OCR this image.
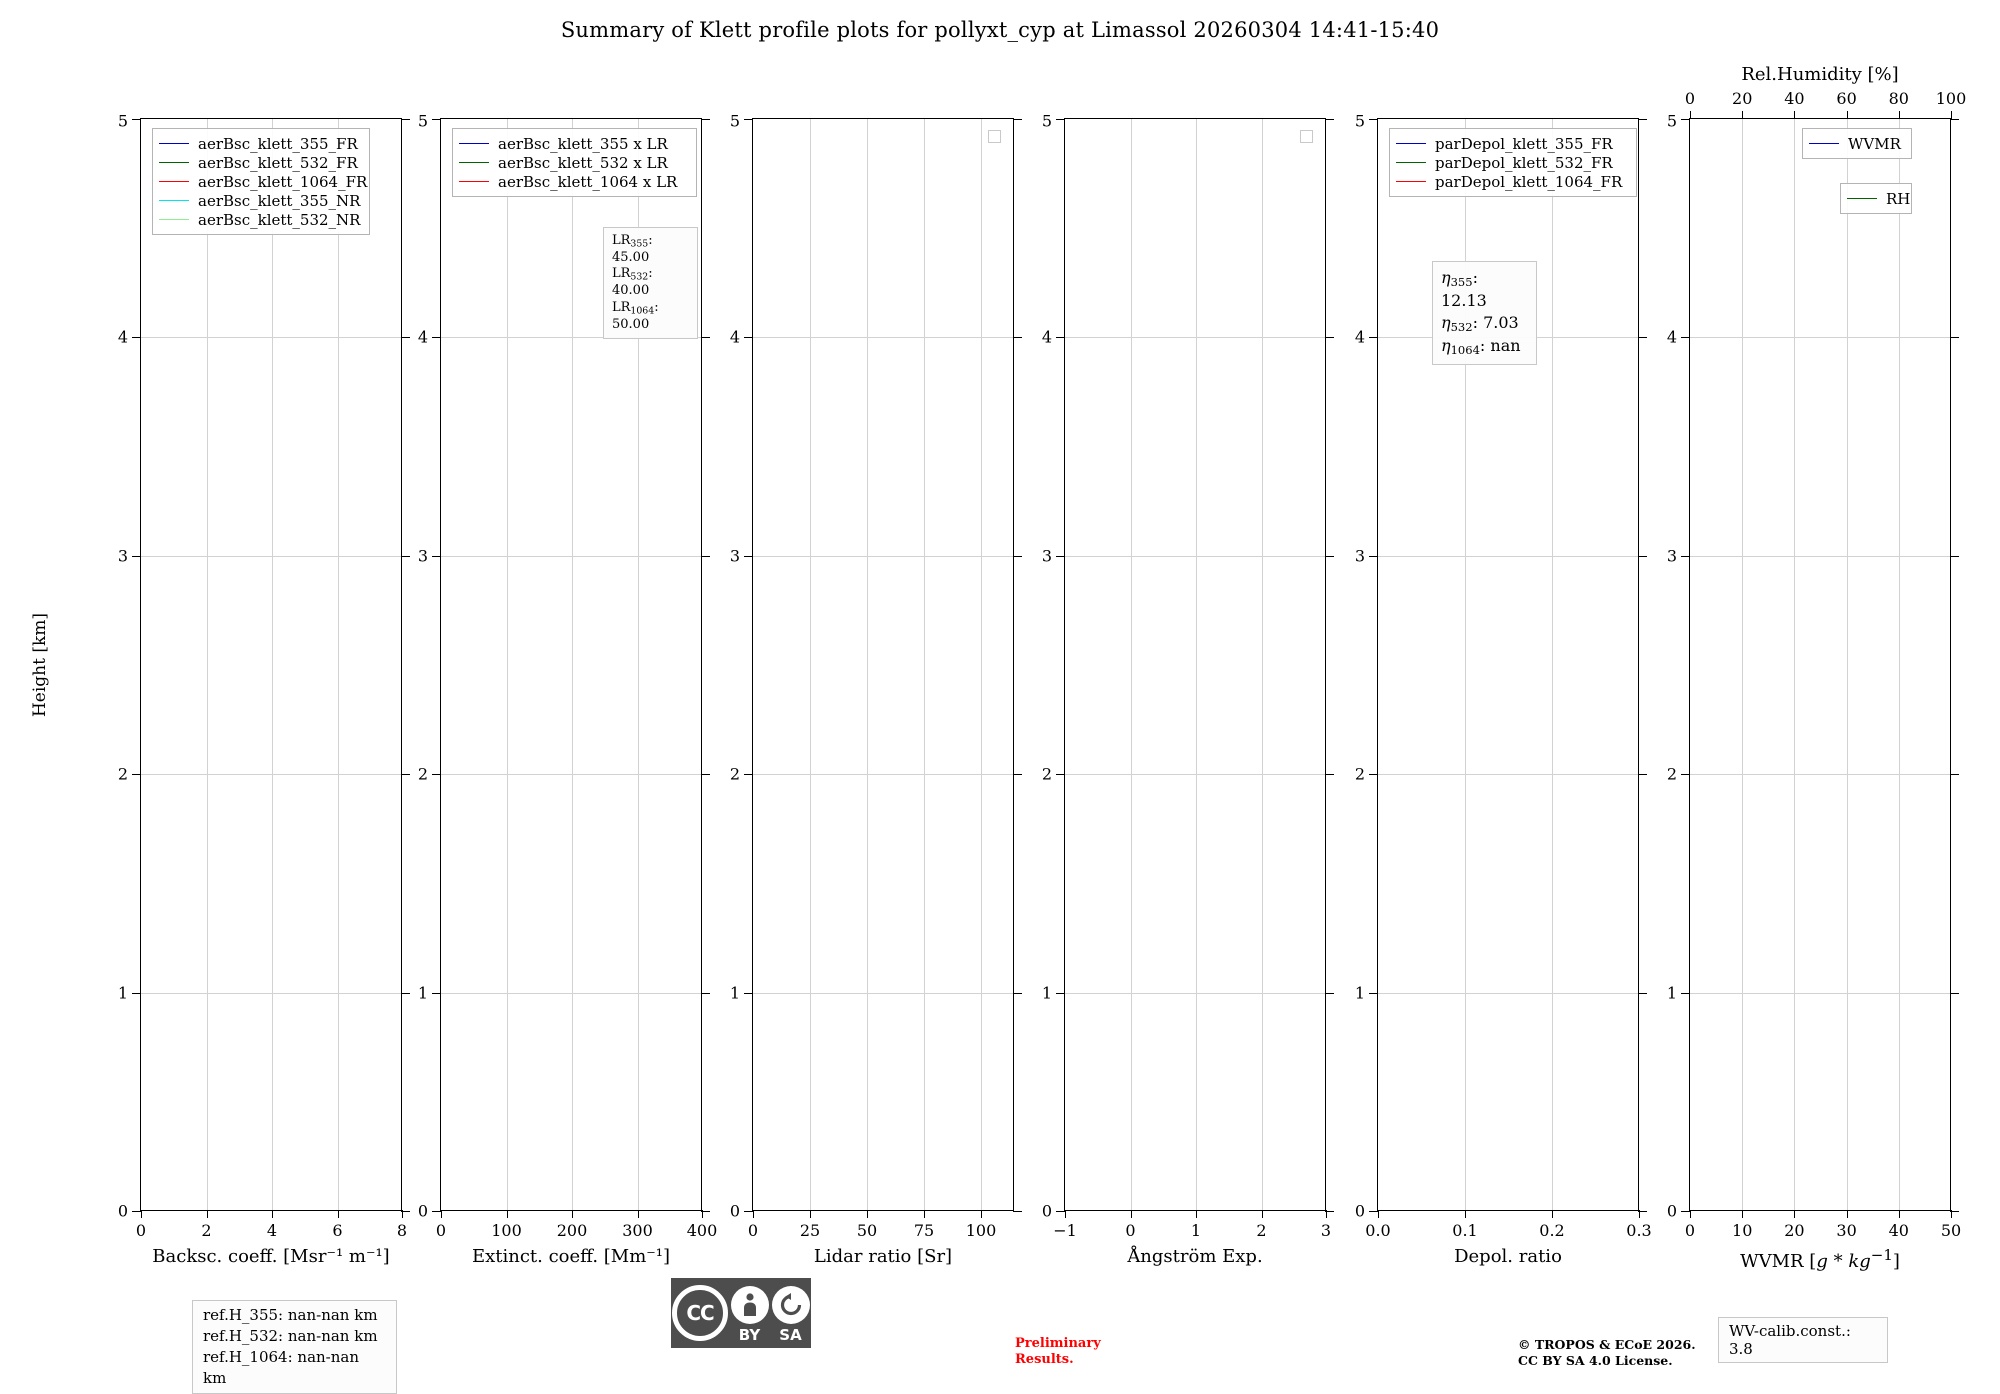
Summary of Klett profile plots for pollyxt_cyp at Limassol 20260304 14:41-15:40
0
1
2
3
4
5
0	2	4	6	8
Backsc. coeff. [Msr⁻¹ m⁻¹]
aerBsc_klett_355_FR
aerBsc_klett_532_FR
aerBsc_klett_1064_FR
aerBsc_klett_355_NR
aerBsc_klett_532_NR
Height [km]
0
1
2
3
4
5
0	100 200 300 400
Extinct. coeff. [Mm⁻¹]
aerBsc_klett_355 x LR
aerBsc_klett_532 x LR
aerBsc_klett_1064 x LR
$LR_{355}$: 45.00
$LR_{532}$: 40.00
$LR_{1064}$: 50.00
0
1
2
3
4
5
0	25 50 75 100
Lidar ratio [Sr]
0
1
2
3
4
5
−1	0	1	2	3
Ångström Exp.
0
1
2
3
4
5
0.0	0.1	0.2	0.3
Depol. ratio
parDepol_klett_355_FR
parDepol_klett_532_FR
parDepol_klett_1064_FR
$\eta_{355}$: 12.13
$\eta_{532}$: 7.03
$\eta_{1064}$: nan
0
1
2
3
4
5
0 10 20 30 40 50
WVMR $[g * kg^{-1}]$
0 20 40 60 80 100
Rel.Humidity [%]
WVMR
RH
ref.H_355: nan-nan km
ref.H_532: nan-nan km
ref.H_1064: nan-nan km
WV-calib.const.: 3.8
CC
BY SA	Preliminary
Results.
© TROPOS & ECoE 2026.
CC BY SA 4.0 License.
